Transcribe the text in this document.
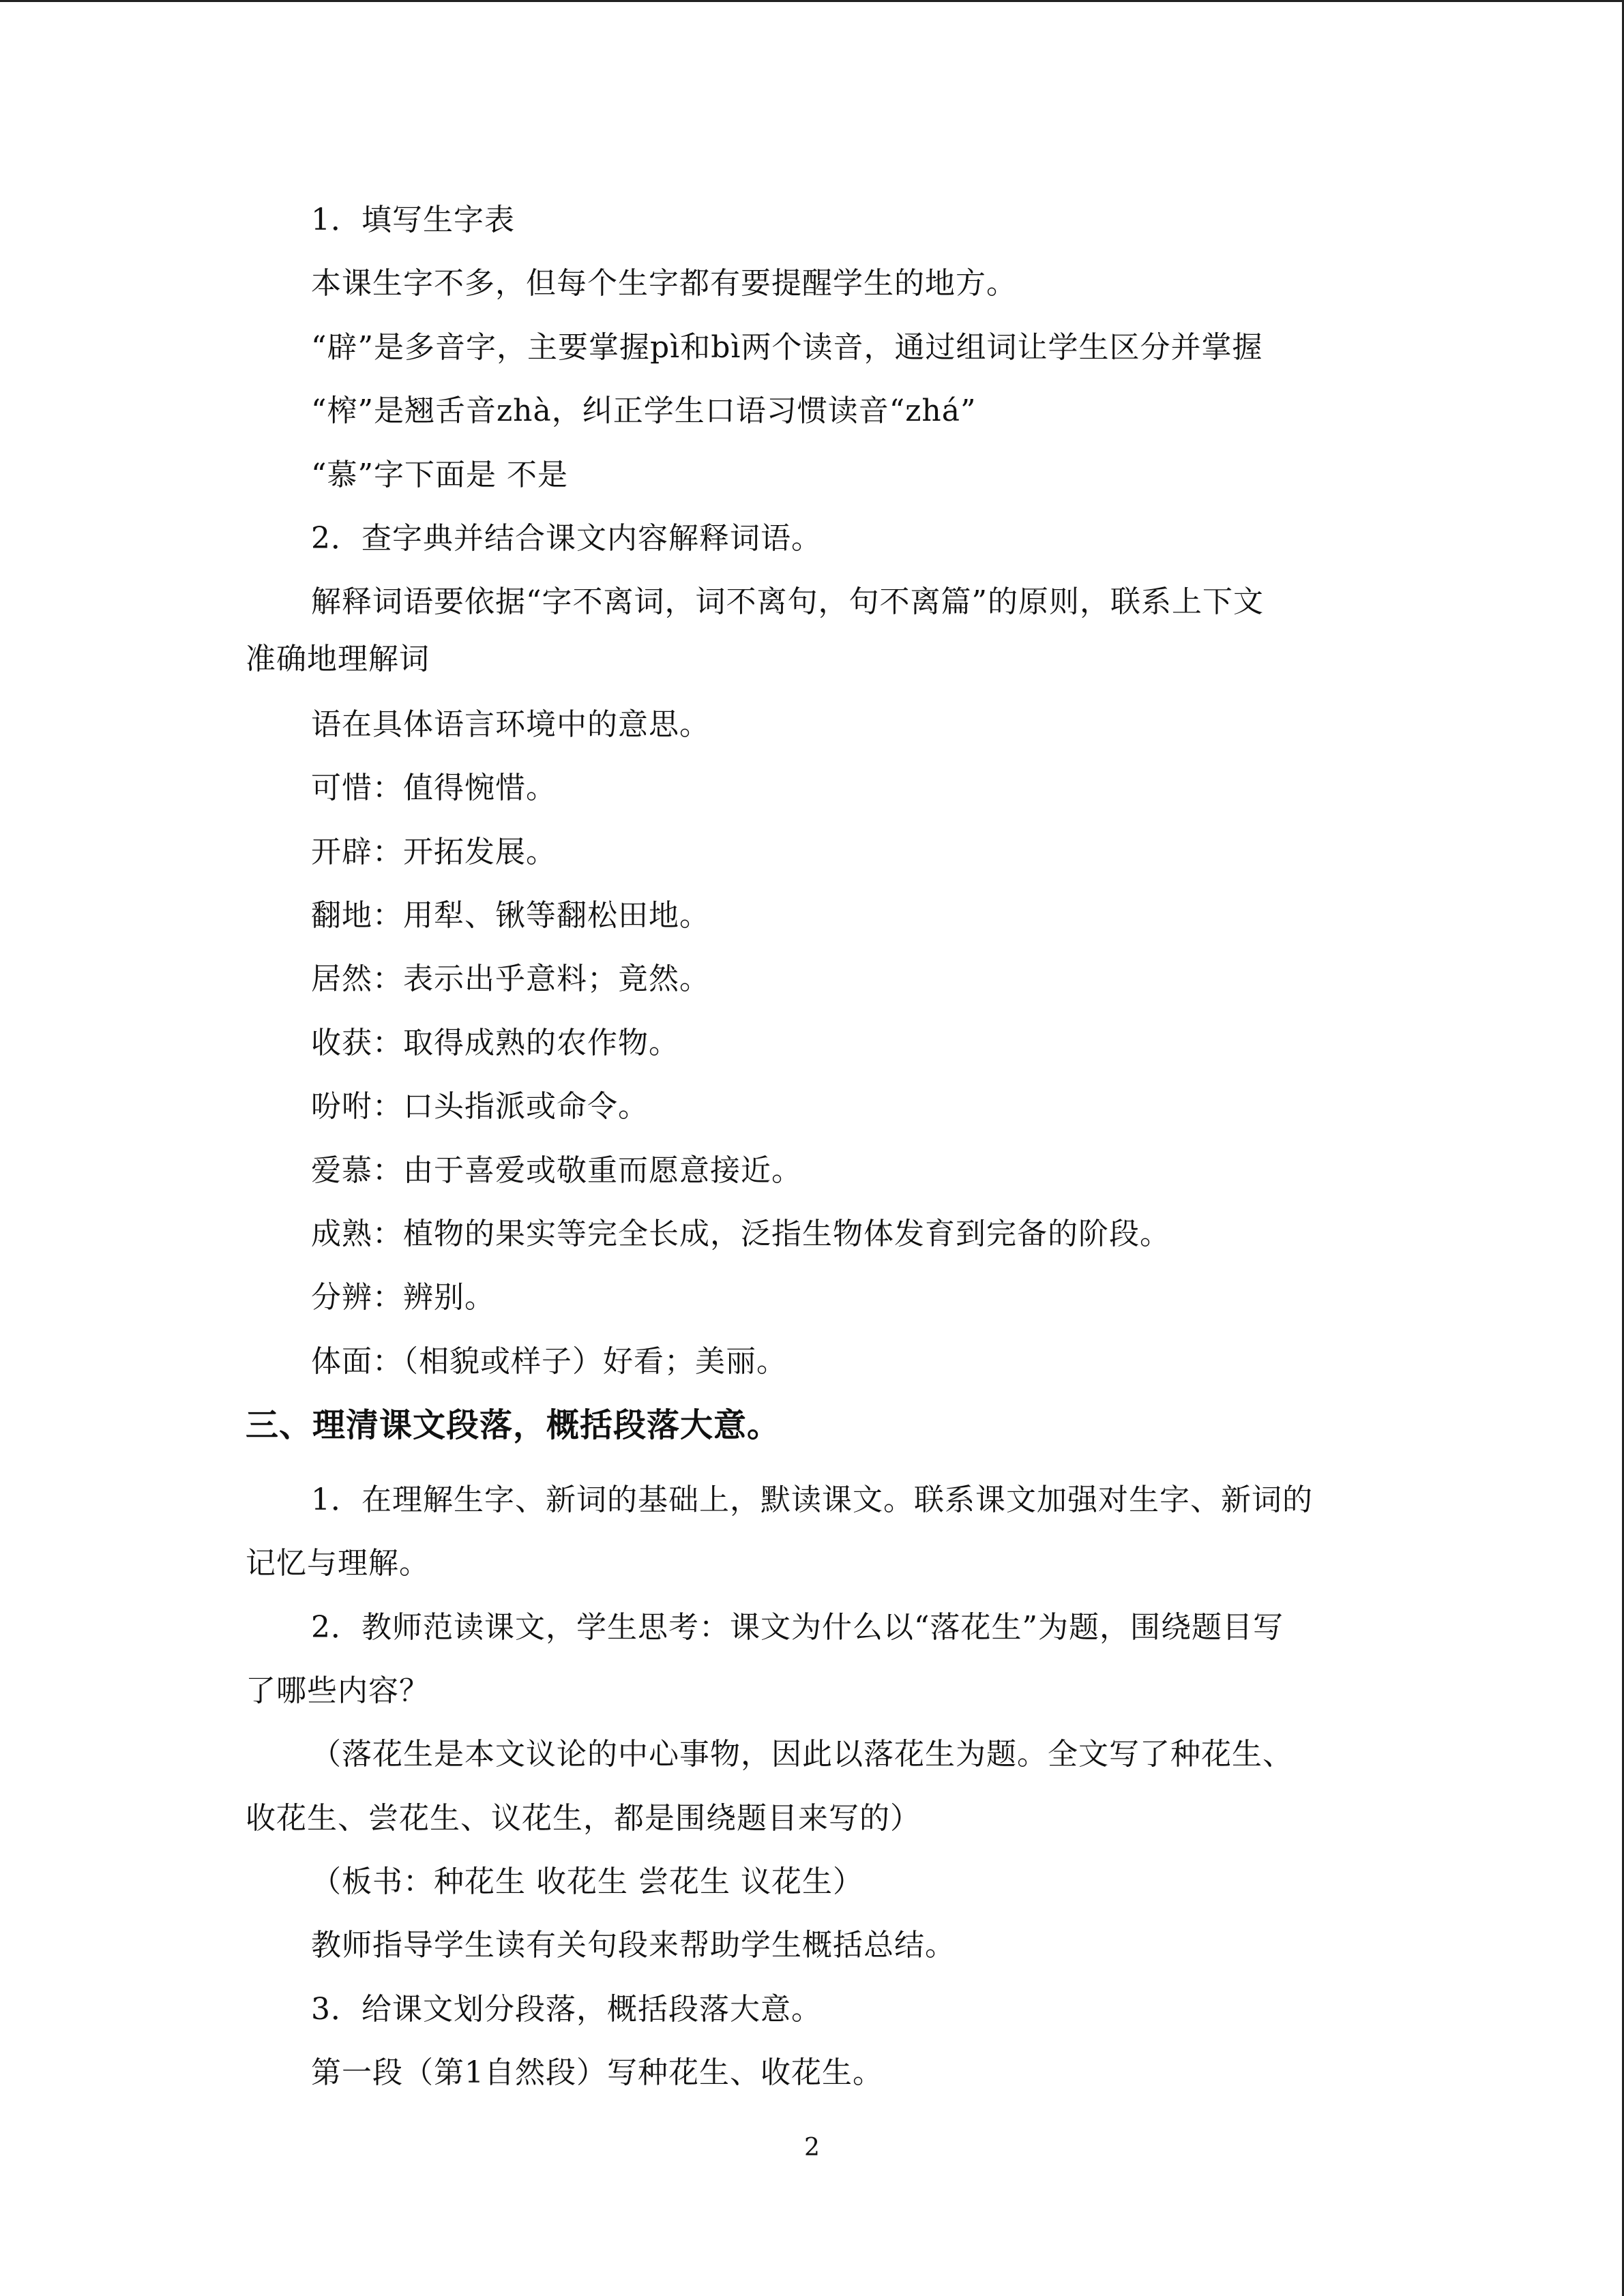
1．填写生字表
本课生字不多，但每个生字都有要提醒学生的地方。
“辟”是多音字，主要掌握pì和bì两个读音，通过组词让学生区分并掌握
“榨”是翘舌音zhà，纠正学生口语习惯读音“zhá”
“慕”字下面是 不是
2．查字典并结合课文内容解释词语。
解释词语要依据“字不离词，词不离句，句不离篇”的原则，联系上下文
准确地理解词
语在具体语言环境中的意思。
可惜：值得惋惜。
开辟：开拓发展。
翻地：用犁、锹等翻松田地。
居然：表示出乎意料；竟然。
收获：取得成熟的农作物。
吩咐：口头指派或命令。
爱慕：由于喜爱或敬重而愿意接近。
成熟：植物的果实等完全长成，泛指生物体发育到完备的阶段。
分辨：辨别。
体面：（相貌或样子）好看；美丽。
三、理清课文段落，概括段落大意。
1．在理解生字、新词的基础上，默读课文。联系课文加强对生字、新词的
记忆与理解。
2．教师范读课文，学生思考：课文为什么以“落花生”为题，围绕题目写
了哪些内容？
（落花生是本文议论的中心事物，因此以落花生为题。全文写了种花生、
收花生、尝花生、议花生，都是围绕题目来写的）
（板书：种花生 收花生 尝花生 议花生）
教师指导学生读有关句段来帮助学生概括总结。
3．给课文划分段落，概括段落大意。
第一段（第1自然段）写种花生、收花生。
2
